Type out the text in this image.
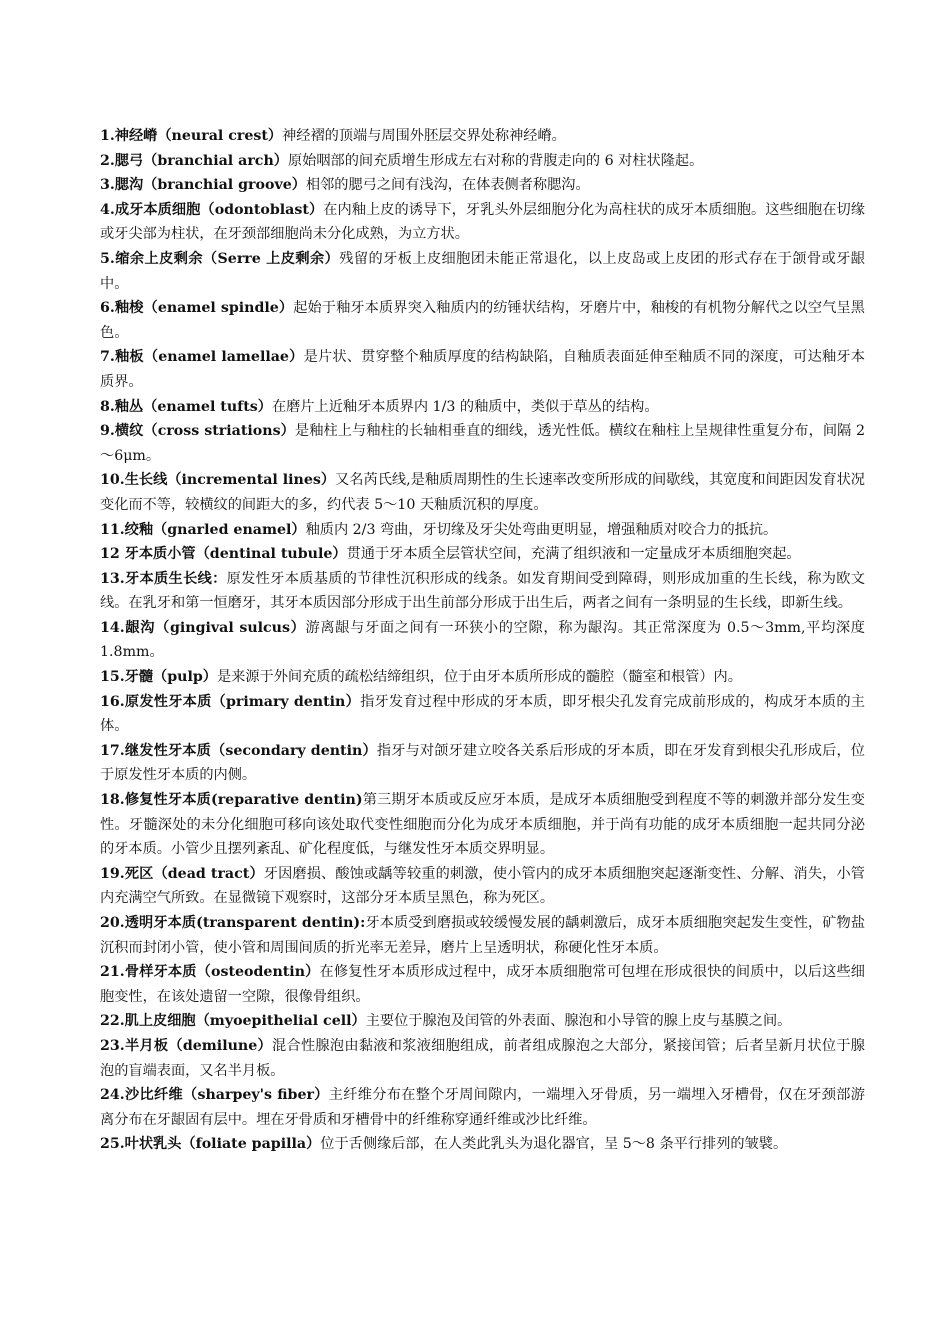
1.神经嵴（neural crest）神经褶的顶端与周围外胚层交界处称神经嵴。

2.腮弓（branchial arch）原始咽部的间充质增生形成左右对称的背腹走向的 6 对柱状隆起。

3.腮沟（branchial groove）相邻的腮弓之间有浅沟，在体表侧者称腮沟。

4.成牙本质细胞（odontoblast）在内釉上皮的诱导下，牙乳头外层细胞分化为高柱状的成牙本质细胞。这些细胞在切缘或牙尖部为柱状，在牙颈部细胞尚未分化成熟，为立方状。

5.缩余上皮剩余（Serre 上皮剩余）残留的牙板上皮细胞团未能正常退化，以上皮岛或上皮团的形式存在于颌骨或牙龈中。

6.釉梭（enamel spindle）起始于釉牙本质界突入釉质内的纺锤状结构，牙磨片中，釉梭的有机物分解代之以空气呈黑色。

7.釉板（enamel lamellae）是片状、贯穿整个釉质厚度的结构缺陷，自釉质表面延伸至釉质不同的深度，可达釉牙本质界。

8.釉丛（enamel tufts）在磨片上近釉牙本质界内 1/3 的釉质中，类似于草丛的结构。

9.横纹（cross striations）是釉柱上与釉柱的长轴相垂直的细线，透光性低。横纹在釉柱上呈规律性重复分布，间隔 2～6μm。

10.生长线（incremental lines）又名芮氏线,是釉质周期性的生长速率改变所形成的间歇线，其宽度和间距因发育状况变化而不等，较横纹的间距大的多，约代表 5～10 天釉质沉积的厚度。

11.绞釉（gnarled enamel）釉质内 2/3 弯曲，牙切缘及牙尖处弯曲更明显，增强釉质对咬合力的抵抗。

12 牙本质小管（dentinal tubule）贯通于牙本质全层管状空间，充满了组织液和一定量成牙本质细胞突起。

13.牙本质生长线：原发性牙本质基质的节律性沉积形成的线条。如发育期间受到障碍，则形成加重的生长线，称为欧文线。在乳牙和第一恒磨牙，其牙本质因部分形成于出生前部分形成于出生后，两者之间有一条明显的生长线，即新生线。

14.龈沟（gingival sulcus）游离龈与牙面之间有一环狭小的空隙，称为龈沟。其正常深度为 0.5～3mm,平均深度 1.8mm。

15.牙髓（pulp）是来源于外间充质的疏松结缔组织，位于由牙本质所形成的髓腔（髓室和根管）内。

16.原发性牙本质（primary dentin）指牙发育过程中形成的牙本质，即牙根尖孔发育完成前形成的，构成牙本质的主体。

17.继发性牙本质（secondary dentin）指牙与对颌牙建立咬各关系后形成的牙本质，即在牙发育到根尖孔形成后，位于原发性牙本质的内侧。

18.修复性牙本质(reparative dentin)第三期牙本质或反应牙本质，是成牙本质细胞受到程度不等的刺激并部分发生变性。牙髓深处的未分化细胞可移向该处取代变性细胞而分化为成牙本质细胞，并于尚有功能的成牙本质细胞一起共同分泌的牙本质。小管少且摆列紊乱、矿化程度低，与继发性牙本质交界明显。

19.死区（dead tract）牙因磨损、酸蚀或龋等较重的刺激，使小管内的成牙本质细胞突起逐渐变性、分解、消失，小管内充满空气所致。在显微镜下观察时，这部分牙本质呈黑色，称为死区。

20.透明牙本质(transparent dentin):牙本质受到磨损或较缓慢发展的龋刺激后，成牙本质细胞突起发生变性，矿物盐沉积而封闭小管，使小管和周围间质的折光率无差异，磨片上呈透明状，称硬化性牙本质。

21.骨样牙本质（osteodentin）在修复性牙本质形成过程中，成牙本质细胞常可包埋在形成很快的间质中，以后这些细胞变性，在该处遗留一空隙，很像骨组织。

22.肌上皮细胞（myoepithelial cell）主要位于腺泡及闰管的外表面、腺泡和小导管的腺上皮与基膜之间。

23.半月板（demilune）混合性腺泡由黏液和浆液细胞组成，前者组成腺泡之大部分，紧接闰管；后者呈新月状位于腺泡的盲端表面，又名半月板。

24.沙比纤维（sharpey's fiber）主纤维分布在整个牙周间隙内，一端埋入牙骨质，另一端埋入牙槽骨，仅在牙颈部游离分布在牙龈固有层中。埋在牙骨质和牙槽骨中的纤维称穿通纤维或沙比纤维。

25.叶状乳头（foliate papilla）位于舌侧缘后部，在人类此乳头为退化器官，呈 5～8 条平行排列的皱襞。
